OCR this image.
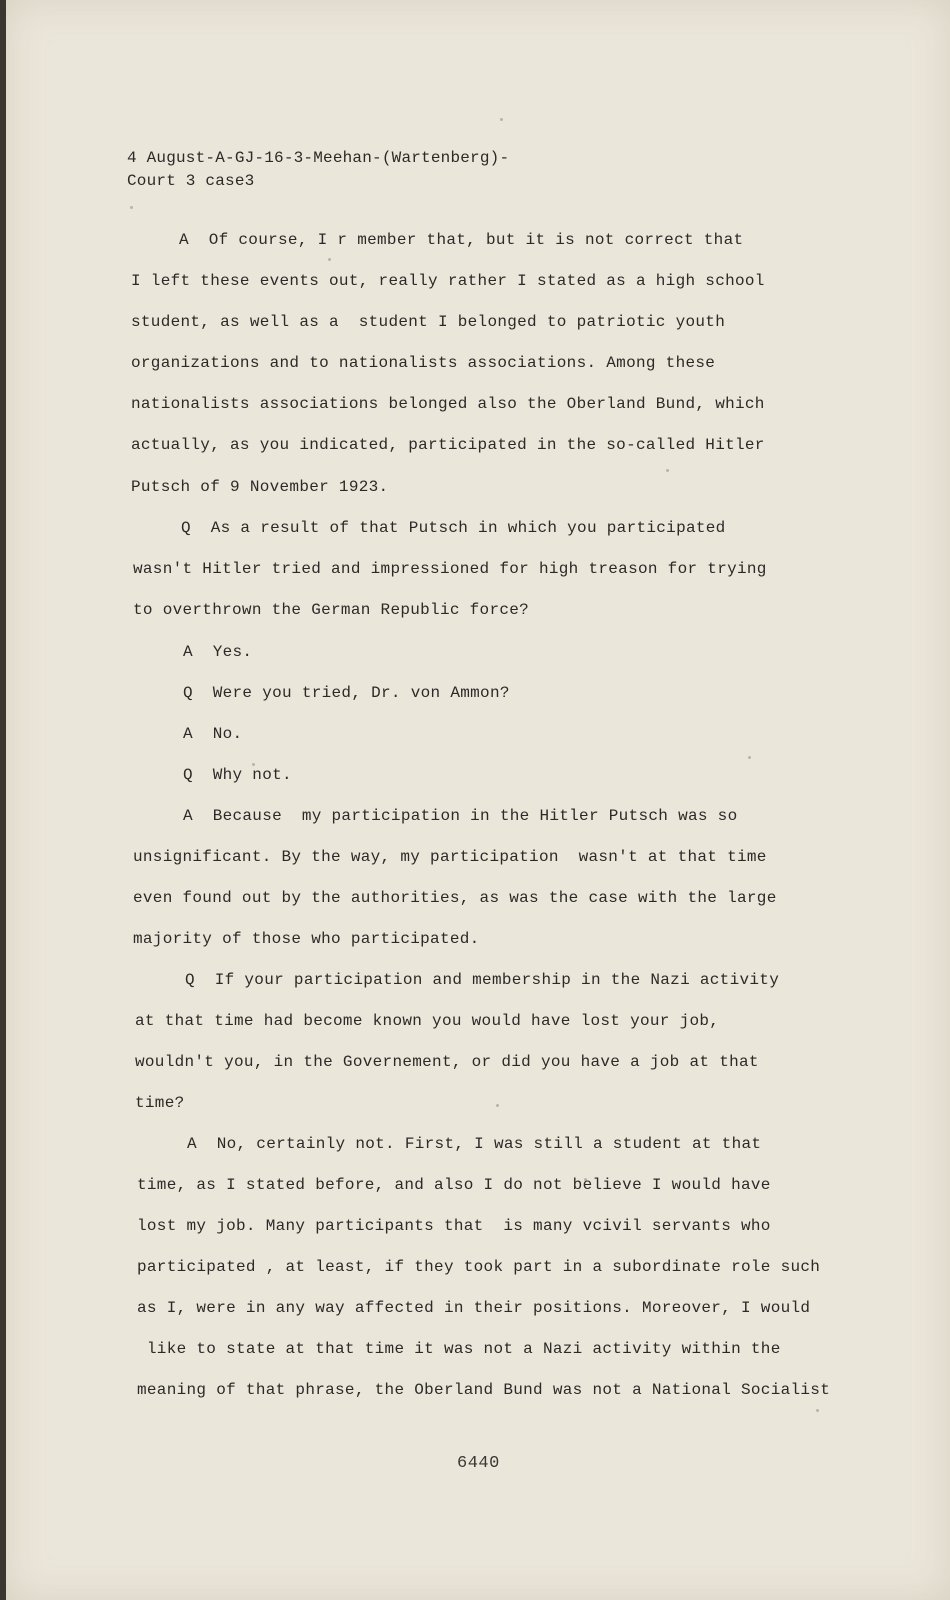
4 August-A-GJ-16-3-Meehan-(Wartenberg)-
Court 3 case3
A  Of course, I r member that, but it is not correct that
I left these events out, really rather I stated as a high school
student, as well as a  student I belonged to patriotic youth
organizations and to nationalists associations. Among these
nationalists associations belonged also the Oberland Bund, which
actually, as you indicated, participated in the so-called Hitler
Putsch of 9 November 1923.
Q  As a result of that Putsch in which you participated
wasn't Hitler tried and impressioned for high treason for trying
to overthrown the German Republic force?
A  Yes.
Q  Were you tried, Dr. von Ammon?
A  No.
Q  Why not.
A  Because  my participation in the Hitler Putsch was so
unsignificant. By the way, my participation  wasn't at that time
even found out by the authorities, as was the case with the large
majority of those who participated.
Q  If your participation and membership in the Nazi activity
at that time had become known you would have lost your job,
wouldn't you, in the Governement, or did you have a job at that
time?
A  No, certainly not. First, I was still a student at that
time, as I stated before, and also I do not believe I would have
lost my job. Many participants that  is many vcivil servants who
participated , at least, if they took part in a subordinate role such
as I, were in any way affected in their positions. Moreover, I would
like to state at that time it was not a Nazi activity within the
meaning of that phrase, the Oberland Bund was not a National Socialist
6440
